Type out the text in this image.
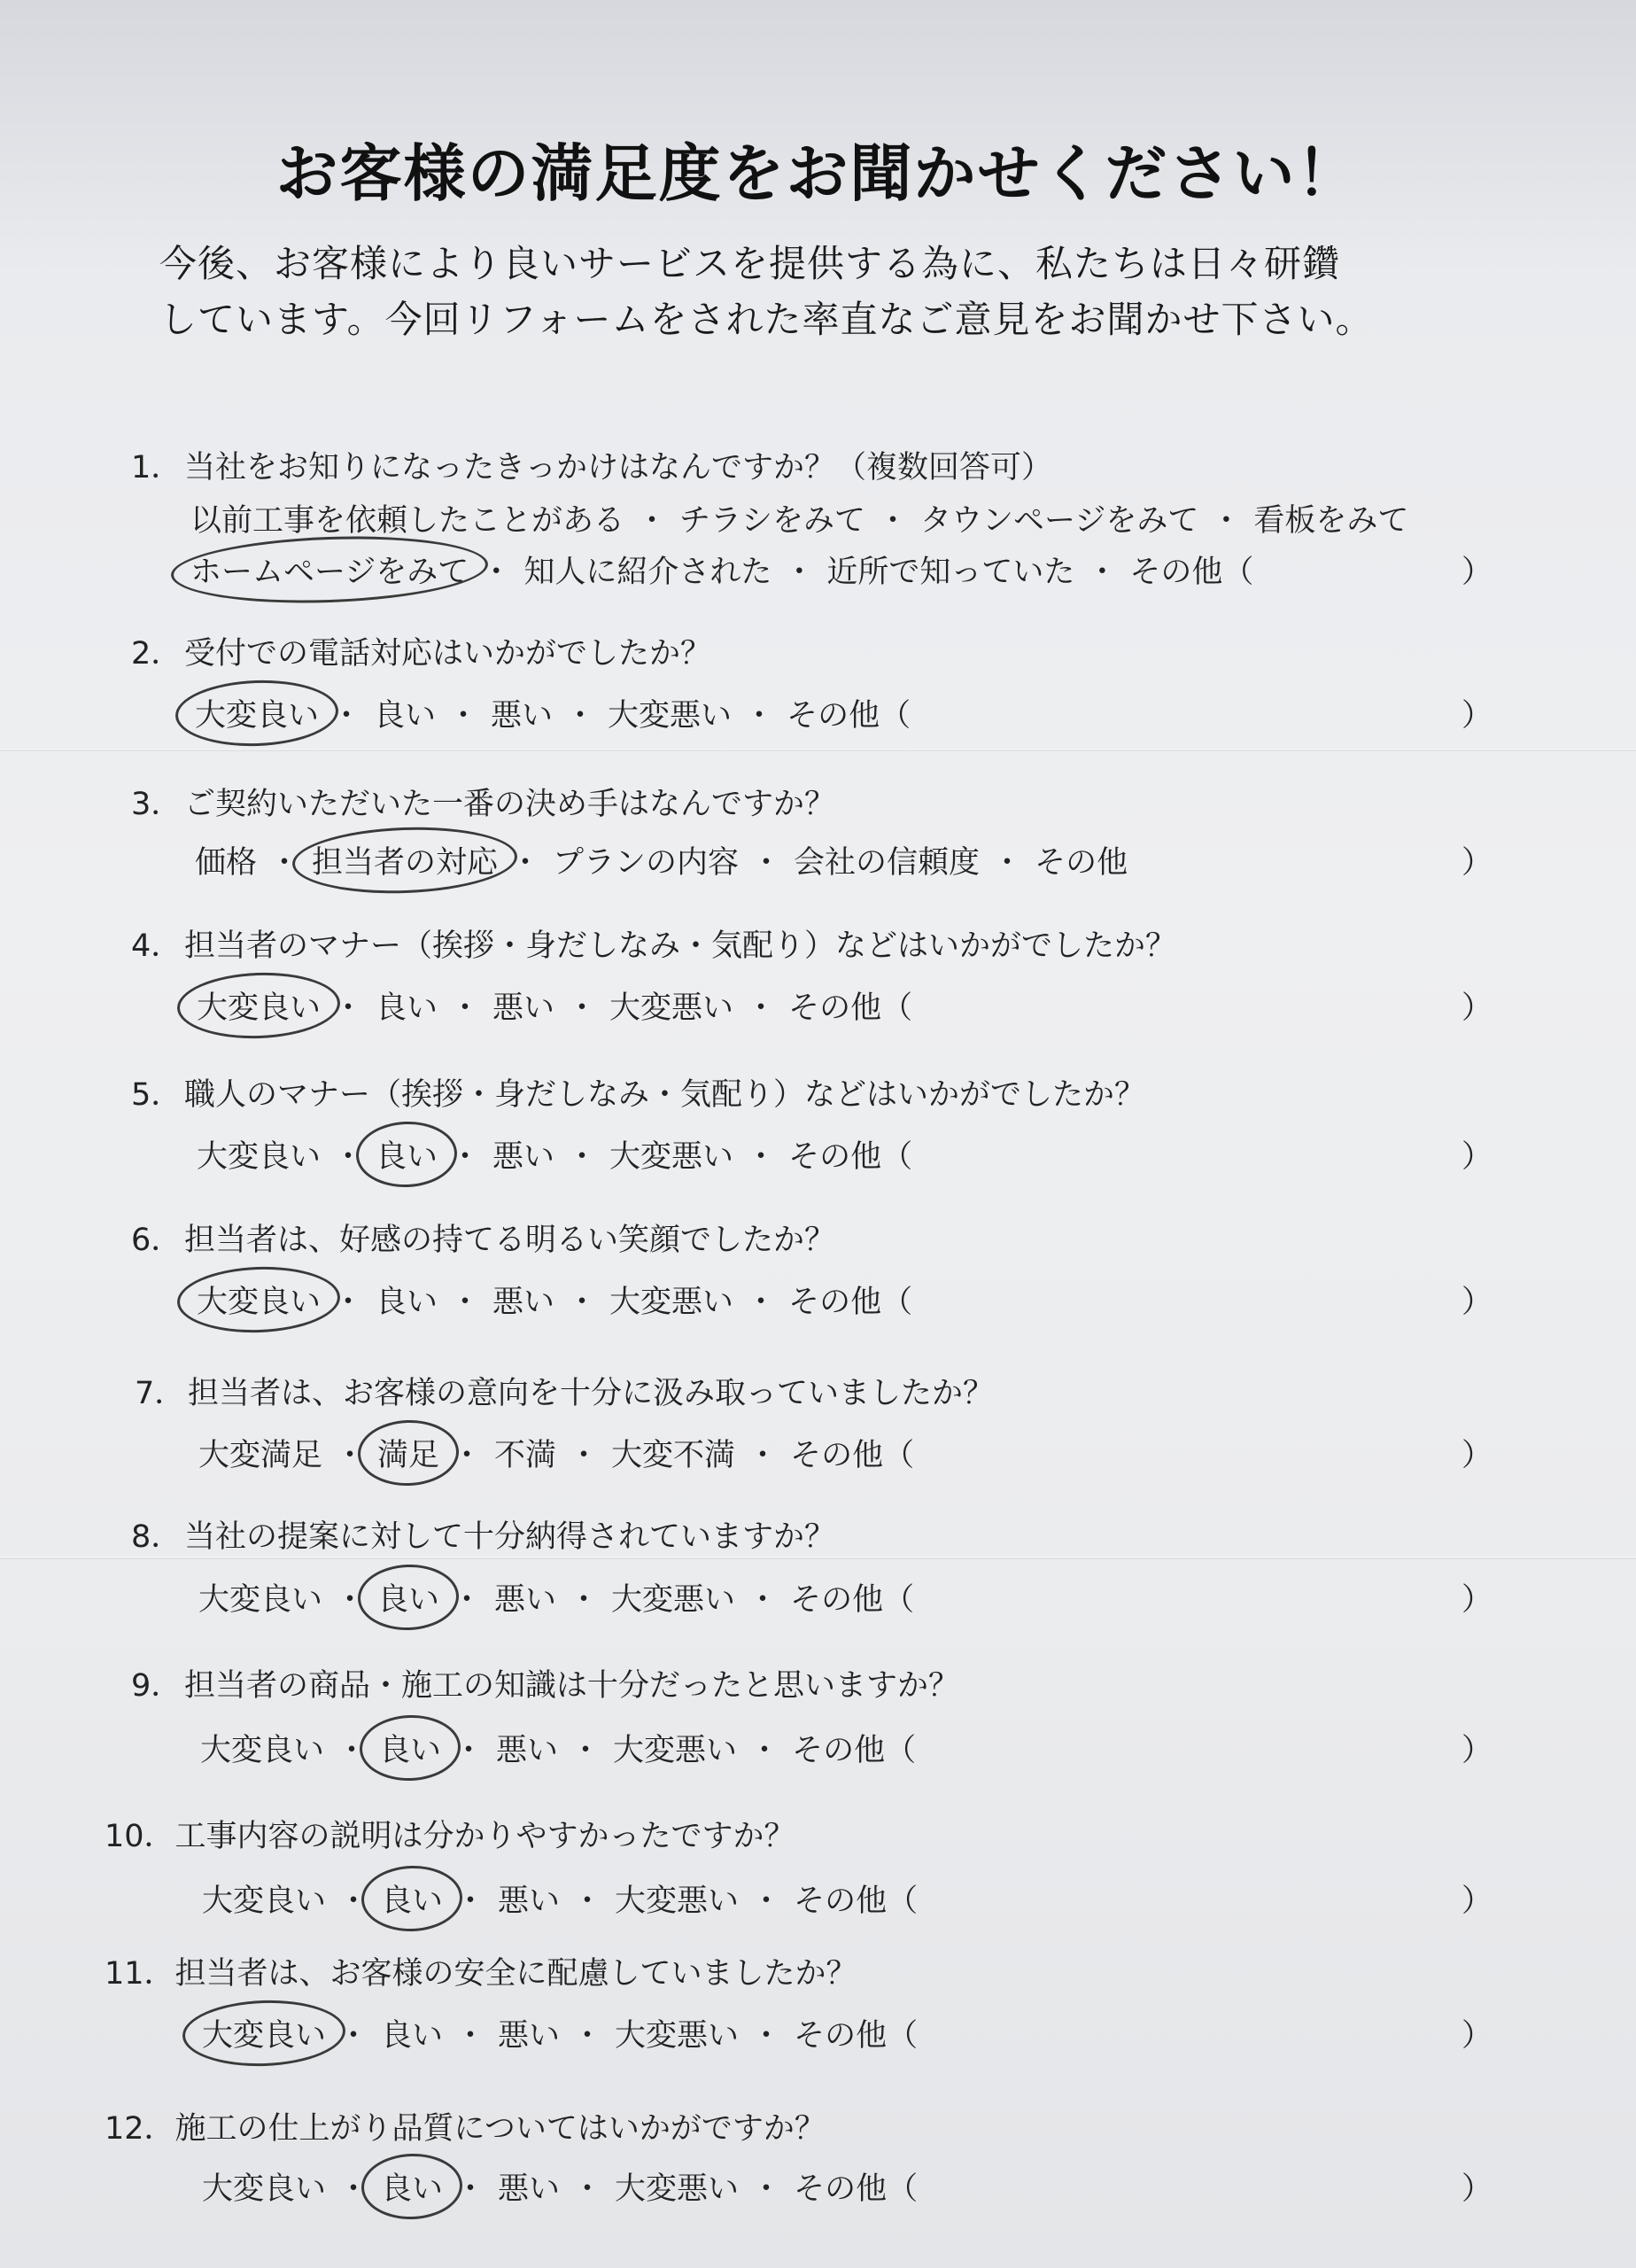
お客様の満足度をお聞かせください！
今後、お客様により良いサービスを提供する為に、私たちは日々研鑽
しています。今回リフォームをされた率直なご意見をお聞かせ下さい。
1．当社をお知りになったきっかけはなんですか？（複数回答可）
以前工事を依頼したことがある ・ チラシをみて ・ タウンページをみて ・ 看板をみて
ホームページをみて ・ 知人に紹介された ・ 近所で知っていた ・ その他（	）
2．受付での電話対応はいかがでしたか？
大変良い ・ 良い ・ 悪い ・ 大変悪い ・ その他（	）
3．ご契約いただいた一番の決め手はなんですか？
価格 ・ 担当者の対応 ・ プランの内容 ・ 会社の信頼度 ・ その他	）
4．担当者のマナー（挨拶・身だしなみ・気配り）などはいかがでしたか？
大変良い ・ 良い ・ 悪い ・ 大変悪い ・ その他（	）
5．職人のマナー（挨拶・身だしなみ・気配り）などはいかがでしたか？
大変良い ・ 良い ・ 悪い ・ 大変悪い ・ その他（	）
6．担当者は、好感の持てる明るい笑顔でしたか？
大変良い ・ 良い ・ 悪い ・ 大変悪い ・ その他（	）
7．担当者は、お客様の意向を十分に汲み取っていましたか？
大変満足 ・ 満足 ・ 不満 ・ 大変不満 ・ その他（	）
8．当社の提案に対して十分納得されていますか？
大変良い ・ 良い ・ 悪い ・ 大変悪い ・ その他（	）
9．担当者の商品・施工の知識は十分だったと思いますか？
大変良い ・ 良い ・ 悪い ・ 大変悪い ・ その他（	）
10．工事内容の説明は分かりやすかったですか？
大変良い ・ 良い ・ 悪い ・ 大変悪い ・ その他（	）
11．担当者は、お客様の安全に配慮していましたか？
大変良い ・ 良い ・ 悪い ・ 大変悪い ・ その他（	）
12．施工の仕上がり品質についてはいかがですか？
大変良い ・ 良い ・ 悪い ・ 大変悪い ・ その他（	）
